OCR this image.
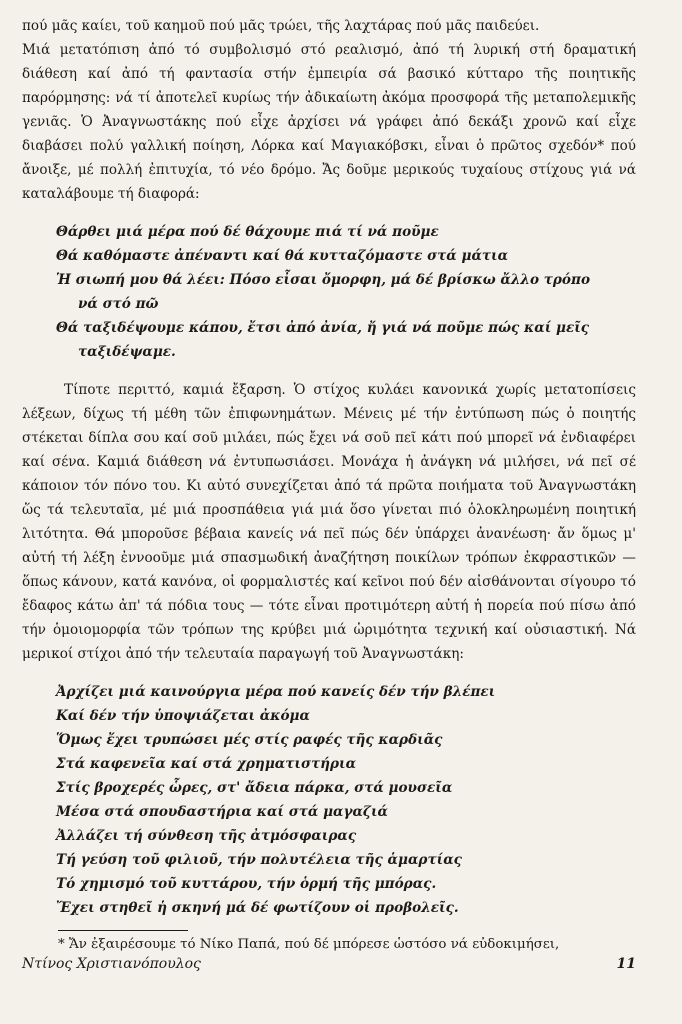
πού μᾶς καίει, τοῦ καημοῦ πού μᾶς τρώει, τῆς λαχτάρας πού μᾶς παιδεύει.

Μιά μετατόπιση ἀπό τό συμβολισμό στό ρεαλισμό, ἀπό τή λυρική στή δραματική διάθεση καί ἀπό τή φαντασία στήν ἐμπειρία σά βασικό κύτταρο τῆς ποιητικῆς παρόρμησης: νά τί ἀποτελεῖ κυρίως τήν ἀδικαίωτη ἀκόμα προσφορά τῆς μεταπολεμικῆς γενιᾶς. Ὁ Ἀναγνωστάκης πού εἶχε ἀρχίσει νά γράφει ἀπό δεκάξι χρονῶ καί εἶχε διαβάσει πολύ γαλλική ποίηση, Λόρκα καί Μαγιακόβσκι, εἶναι ὁ πρῶτος σχεδόν* πού ἄνοιξε, μέ πολλή ἐπιτυχία, τό νέο δρόμο. Ἄς δοῦμε μερικούς τυχαίους στίχους γιά νά καταλάβουμε τή διαφορά:

Θάρθει μιά μέρα πού δέ θάχουμε πιά τί νά ποῦμε
Θά καθόμαστε ἀπέναντι καί θά κυτταζόμαστε στά μάτια
Ἡ σιωπή μου θά λέει: Πόσο εἶσαι ὄμορφη, μά δέ βρίσκω ἄλλο τρόπο
νά στό πῶ
Θά ταξιδέψουμε κάπου, ἔτσι ἀπό ἀνία, ἤ γιά νά ποῦμε πώς καί μεῖς
ταξιδέψαμε.

Τίποτε περιττό, καμιά ἔξαρση. Ὁ στίχος κυλάει κανονικά χωρίς μετατοπίσεις λέξεων, δίχως τή μέθη τῶν ἐπιφωνημάτων. Μένεις μέ τήν ἐντύπωση πώς ὁ ποιητής στέκεται δίπλα σου καί σοῦ μιλάει, πώς ἔχει νά σοῦ πεῖ κάτι πού μπορεῖ νά ἐνδιαφέρει καί σένα. Καμιά διάθεση νά ἐντυπωσιάσει. Μονάχα ἡ ἀνάγκη νά μιλήσει, νά πεῖ σέ κάποιον τόν πόνο του. Κι αὐτό συνεχίζεται ἀπό τά πρῶτα ποιήματα τοῦ Ἀναγνωστάκη ὥς τά τελευταῖα, μέ μιά προσπάθεια γιά μιά ὅσο γίνεται πιό ὁλοκληρωμένη ποιητική λιτότητα. Θά μποροῦσε βέβαια κανείς νά πεῖ πώς δέν ὑπάρχει ἀνανέωση· ἄν ὅμως μ' αὐτή τή λέξη ἐννοοῦμε μιά σπασμωδική ἀναζήτηση ποικίλων τρόπων ἐκφραστικῶν — ὅπως κάνουν, κατά κανόνα, οἱ φορμαλιστές καί κεῖνοι πού δέν αἰσθάνονται σίγουρο τό ἔδαφος κάτω ἀπ' τά πόδια τους — τότε εἶναι προτιμότερη αὐτή ἡ πορεία πού πίσω ἀπό τήν ὁμοιομορφία τῶν τρόπων της κρύβει μιά ὡριμότητα τεχνική καί οὐσιαστική. Νά μερικοί στίχοι ἀπό τήν τελευταία παραγωγή τοῦ Ἀναγνωστάκη:

Ἀρχίζει μιά καινούργια μέρα πού κανείς δέν τήν βλέπει
Καί δέν τήν ὑποψιάζεται ἀκόμα
Ὅμως ἔχει τρυπώσει μές στίς ραφές τῆς καρδιᾶς
Στά καφενεῖα καί στά χρηματιστήρια
Στίς βροχερές ὧρες, στ' ἄδεια πάρκα, στά μουσεῖα
Μέσα στά σπουδαστήρια καί στά μαγαζιά
Ἀλλάζει τή σύνθεση τῆς ἀτμόσφαιρας
Τή γεύση τοῦ φιλιοῦ, τήν πολυτέλεια τῆς ἁμαρτίας
Τό χημισμό τοῦ κυττάρου, τήν ὁρμή τῆς μπόρας.
Ἔχει στηθεῖ ἡ σκηνή μά δέ φωτίζουν οἱ προβολεῖς.

* Ἄν ἐξαιρέσουμε τό Νίκο Παπά, πού δέ μπόρεσε ὡστόσο νά εὐδοκιμήσει,

Ντίνος Χριστιανόπουλος	11
